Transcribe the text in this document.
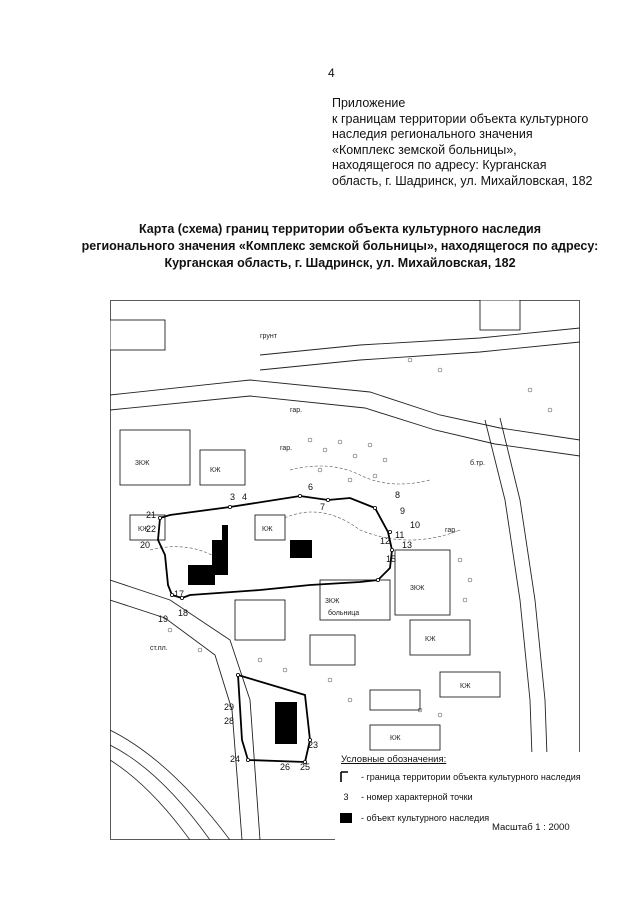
4
Приложение
к границам территории объекта культурного
наследия регионального значения
«Комплекс земской больницы»,
находящегося по адресу: Курганская
область, г. Шадринск, ул. Михайловская, 182
Карта (схема) границ территории объекта культурного наследия
регионального значения «Комплекс земской больницы», находящегося по адресу:
Курганская область, г. Шадринск, ул. Михайловская, 182
3 4
6
7
8
9
10
11
12 13
15
17
18
19
20
21
22
23
24
25
26
28
29
3КЖ
3КЖ
3КЖ
КЖ
КЖ	КЖ
КЖ
КЖ
КЖ
больница
гар.
гар.
гар.
грунт
ст.пл.
б.тр.
Условные обозначения:
- граница территории объекта культурного наследия
3	- номер характерной точки
- объект культурного наследия
Масштаб 1 : 2000
